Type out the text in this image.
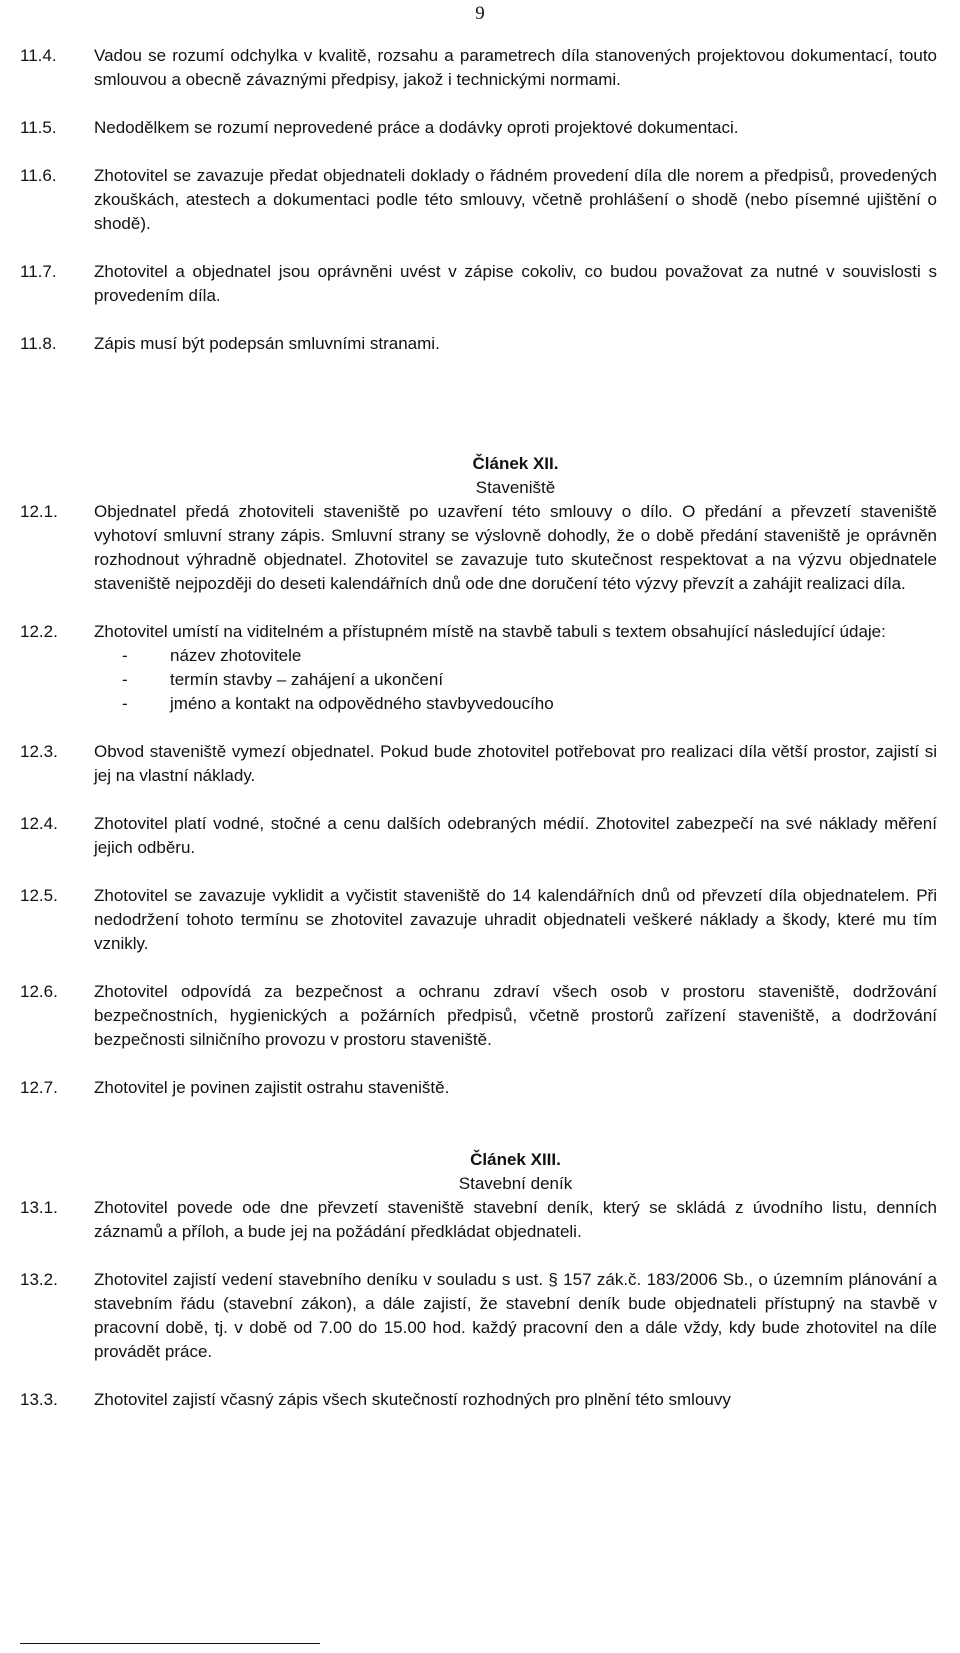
9
11.4.	Vadou se rozumí odchylka v kvalitě, rozsahu a parametrech díla stanovených projektovou dokumentací, touto smlouvou a obecně závaznými předpisy, jakož i technickými normami.
11.5.	Nedodělkem se rozumí neprovedené práce a dodávky oproti projektové dokumentaci.
11.6.	Zhotovitel se zavazuje předat objednateli doklady o řádném provedení díla dle norem a předpisů, provedených zkouškách, atestech a dokumentaci podle této smlouvy, včetně prohlášení o shodě (nebo písemné ujištění o shodě).
11.7.	Zhotovitel a objednatel jsou oprávněni uvést v zápise cokoliv, co budou považovat za nutné v souvislosti s provedením díla.
11.8.	Zápis musí být podepsán smluvními stranami.
Článek XII.
Staveniště
12.1.	Objednatel předá zhotoviteli staveniště po uzavření této smlouvy o dílo. O předání a převzetí staveniště vyhotoví smluvní strany zápis. Smluvní strany se výslovně dohodly, že o době předání staveniště je oprávněn rozhodnout výhradně objednatel. Zhotovitel se zavazuje tuto skutečnost respektovat a na výzvu objednatele staveniště nejpozději do deseti kalendářních dnů ode dne doručení této výzvy převzít a zahájit realizaci díla.
12.2.	Zhotovitel umístí na viditelném a přístupném místě na stavbě tabuli s textem obsahující následující údaje:
-	název zhotovitele
-	termín stavby – zahájení a ukončení
-	jméno a kontakt na odpovědného stavbyvedoucího
12.3.	Obvod staveniště vymezí objednatel. Pokud bude zhotovitel potřebovat pro realizaci díla větší prostor, zajistí si jej na vlastní náklady.
12.4.	Zhotovitel platí vodné, stočné a cenu dalších odebraných médií. Zhotovitel zabezpečí na své náklady měření jejich odběru.
12.5.	Zhotovitel se zavazuje vyklidit a vyčistit staveniště do 14 kalendářních dnů od převzetí díla objednatelem. Při nedodržení tohoto termínu se zhotovitel zavazuje uhradit objednateli veškeré náklady a škody, které mu tím vznikly.
12.6.	Zhotovitel odpovídá za bezpečnost a ochranu zdraví všech osob v prostoru staveniště, dodržování bezpečnostních, hygienických a požárních předpisů, včetně prostorů zařízení staveniště, a dodržování bezpečnosti silničního provozu v prostoru staveniště.
12.7.	Zhotovitel je povinen zajistit ostrahu staveniště.
Článek XIII.
Stavební deník
13.1.	Zhotovitel povede ode dne převzetí staveniště stavební deník, který se skládá z úvodního listu, denních záznamů a příloh, a bude jej na požádání předkládat objednateli.
13.2.	Zhotovitel zajistí vedení stavebního deníku v souladu s ust. § 157 zák.č. 183/2006 Sb., o územním plánování a stavebním řádu (stavební zákon), a dále zajistí, že stavební deník bude objednateli přístupný na stavbě v pracovní době, tj. v době od 7.00 do 15.00 hod. každý pracovní den a dále vždy, kdy bude zhotovitel na díle provádět práce.
13.3.	Zhotovitel zajistí včasný zápis všech skutečností rozhodných pro plnění této smlouvy
